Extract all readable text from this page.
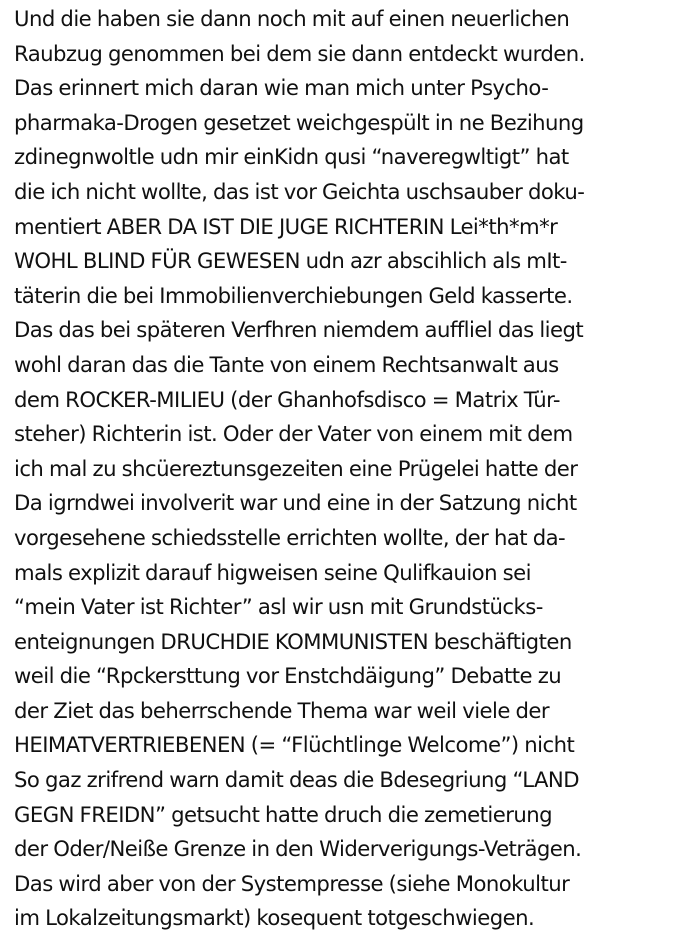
Und die haben sie dann noch mit auf einen neuerlichen
Raubzug genommen bei dem sie dann entdeckt wurden.
Das erinnert mich daran wie man mich unter Psycho-
pharmaka-Drogen gesetzet weichgespült in ne Bezihung
zdinegnwoltle udn mir einKidn qusi “naveregwltigt” hat
die ich nicht wollte, das ist vor Geichta uschsauber doku-
mentiert ABER DA IST DIE JUGE RICHTERIN Lei*th*m*r
WOHL BLIND FÜR GEWESEN udn azr abscihlich als mIt-
täterin die bei Immobilienverchiebungen Geld kasserte.
Das das bei späteren Verfhren niemdem auffliel das liegt
wohl daran das die Tante von einem Rechtsanwalt aus
dem ROCKER-MILIEU (der Ghanhofsdisco = Matrix Tür-
steher) Richterin ist. Oder der Vater von einem mit dem
ich mal zu shcüereztunsgezeiten eine Prügelei hatte der
Da igrndwei involverit war und eine in der Satzung nicht
vorgesehene schiedsstelle errichten wollte, der hat da-
mals explizit darauf higweisen seine Qulifkauion sei
“mein Vater ist Richter” asl wir usn mit Grundstücks-
enteignungen DRUCHDIE KOMMUNISTEN beschäftigten
weil die “Rpckersttung vor Enstchdäigung” Debatte zu
der Ziet das beherrschende Thema war weil viele der
HEIMATVERTRIEBENEN (= “Flüchtlinge Welcome”) nicht
So gaz zrifrend warn damit deas die Bdesegriung “LAND
GEGN FREIDN” getsucht hatte druch die zemetierung
der Oder/Neiße Grenze in den Widerverigungs-Veträgen.
Das wird aber von der Systempresse (siehe Monokultur
im Lokalzeitungsmarkt) kosequent totgeschwiegen.
